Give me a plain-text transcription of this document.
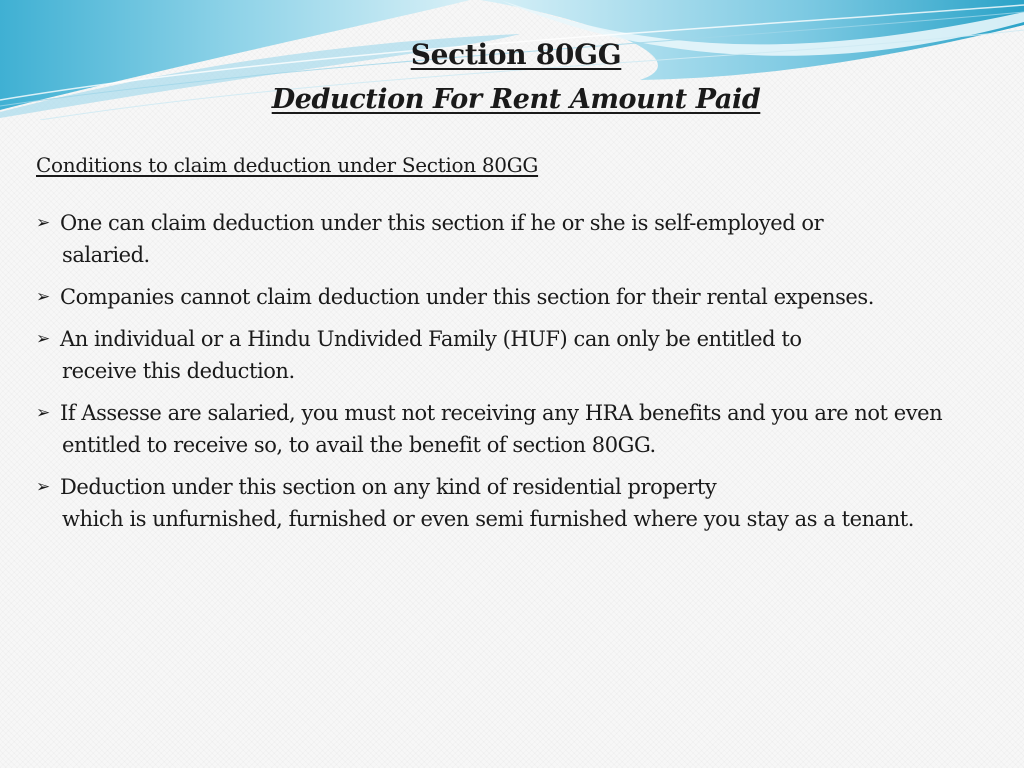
Section 80GG
Deduction For Rent Amount Paid

Conditions to claim deduction under Section 80GG

➢ One can claim deduction under this section if he or she is self-employed or
salaried.
➢ Companies cannot claim deduction under this section for their rental expenses.
➢ An individual or a Hindu Undivided Family (HUF) can only be entitled to
receive this deduction.
➢ If Assesse are salaried, you must not receiving any HRA benefits and you are not even
entitled to receive so, to avail the benefit of section 80GG.
➢ Deduction under this section on any kind of residential property
which is unfurnished, furnished or even semi furnished where you stay as a tenant.
